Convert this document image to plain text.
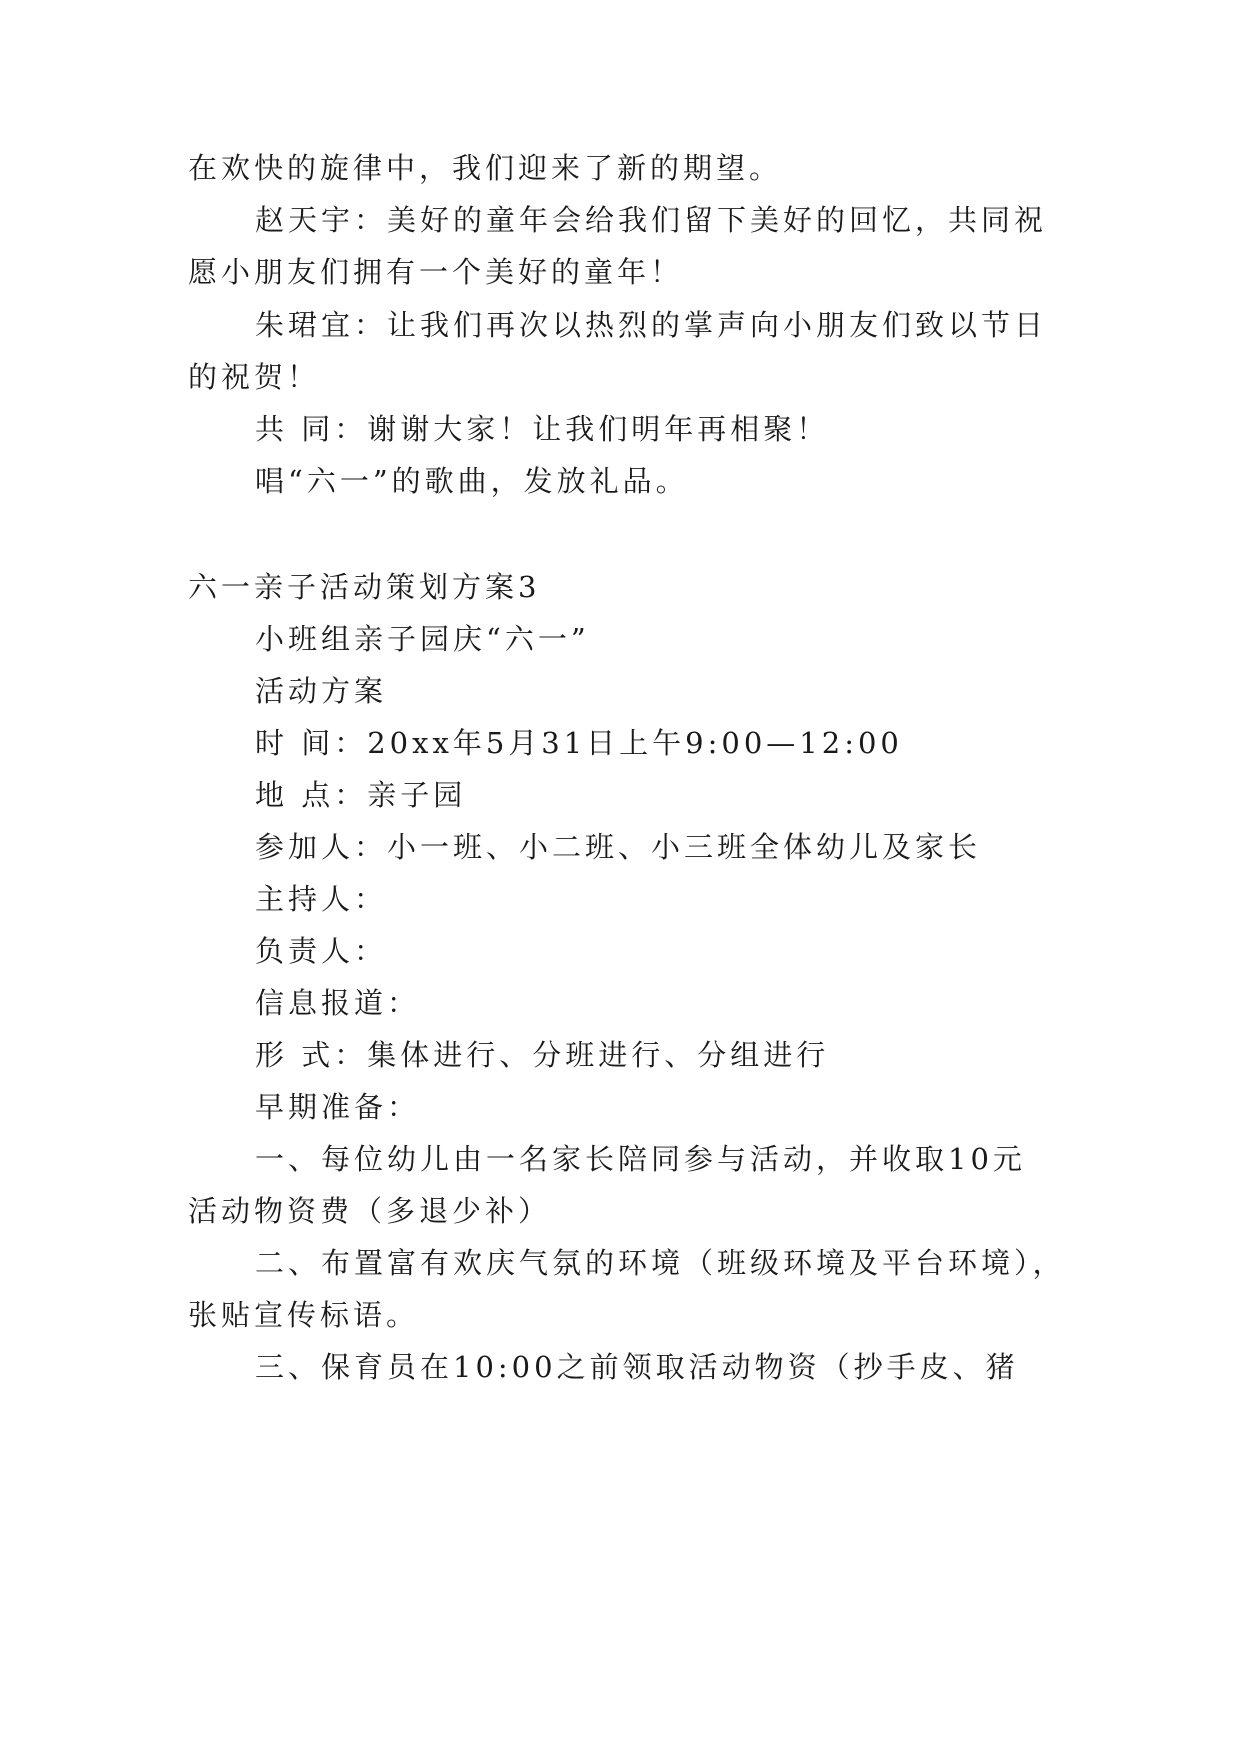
在欢快的旋律中，我们迎来了新的期望。
赵天宇：美好的童年会给我们留下美好的回忆，共同祝
愿小朋友们拥有一个美好的童年！
朱珺宜：让我们再次以热烈的掌声向小朋友们致以节日
的祝贺！
共 同：谢谢大家！让我们明年再相聚！
唱“六一”的歌曲，发放礼品。
六一亲子活动策划方案3
小班组亲子园庆“六一”
活动方案
时 间：20xx年5月31日上午9:00—12:00
地 点：亲子园
参加人：小一班、小二班、小三班全体幼儿及家长
主持人：
负责人：
信息报道：
形 式：集体进行、分班进行、分组进行
早期准备：
一、每位幼儿由一名家长陪同参与活动，并收取10元
活动物资费（多退少补）
二、布置富有欢庆气氛的环境（班级环境及平台环境），
张贴宣传标语。
三、保育员在10:00之前领取活动物资（抄手皮、猪
